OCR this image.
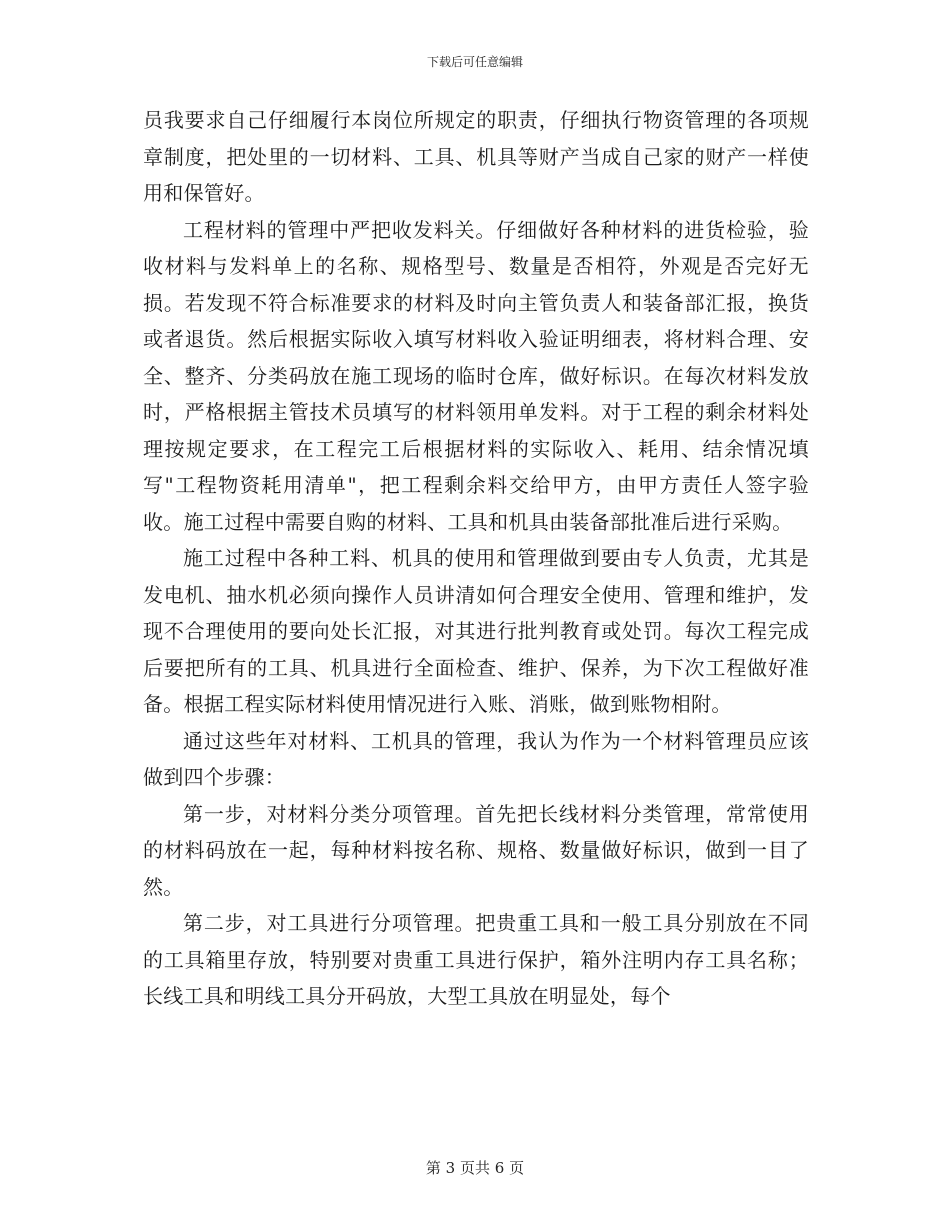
下载后可任意编辑

员我要求自己仔细履行本岗位所规定的职责，仔细执行物资管理的各项规章制度，把处里的一切材料、工具、机具等财产当成自己家的财产一样使用和保管好。

工程材料的管理中严把收发料关。仔细做好各种材料的进货检验，验收材料与发料单上的名称、规格型号、数量是否相符，外观是否完好无损。若发现不符合标准要求的材料及时向主管负责人和装备部汇报，换货或者退货。然后根据实际收入填写材料收入验证明细表，将材料合理、安全、整齐、分类码放在施工现场的临时仓库，做好标识。在每次材料发放时，严格根据主管技术员填写的材料领用单发料。对于工程的剩余材料处理按规定要求，在工程完工后根据材料的实际收入、耗用、结余情况填写"工程物资耗用清单"，把工程剩余料交给甲方，由甲方责任人签字验收。施工过程中需要自购的材料、工具和机具由装备部批准后进行采购。

施工过程中各种工料、机具的使用和管理做到要由专人负责，尤其是发电机、抽水机必须向操作人员讲清如何合理安全使用、管理和维护，发现不合理使用的要向处长汇报，对其进行批判教育或处罚。每次工程完成后要把所有的工具、机具进行全面检查、维护、保养，为下次工程做好准备。根据工程实际材料使用情况进行入账、消账，做到账物相附。

通过这些年对材料、工机具的管理，我认为作为一个材料管理员应该做到四个步骤：

第一步，对材料分类分项管理。首先把长线材料分类管理，常常使用的材料码放在一起，每种材料按名称、规格、数量做好标识，做到一目了然。

第二步，对工具进行分项管理。把贵重工具和一般工具分别放在不同的工具箱里存放，特别要对贵重工具进行保护，箱外注明内存工具名称；长线工具和明线工具分开码放，大型工具放在明显处，每个

第 3 页共 6 页
